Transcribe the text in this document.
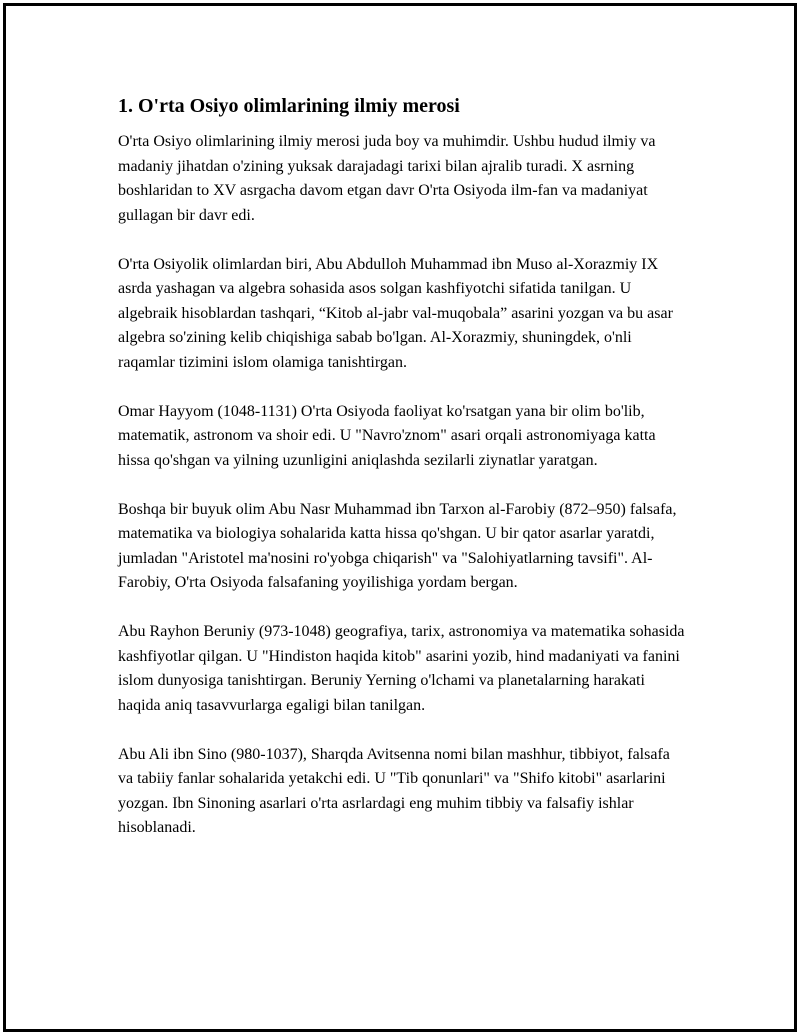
1. O'rta Osiyo olimlarining ilmiy merosi

O'rta Osiyo olimlarining ilmiy merosi juda boy va muhimdir. Ushbu hudud ilmiy va madaniy jihatdan o'zining yuksak darajadagi tarixi bilan ajralib turadi. X asrning boshlaridan to XV asrgacha davom etgan davr O'rta Osiyoda ilm-fan va madaniyat gullagan bir davr edi.

O'rta Osiyolik olimlardan biri, Abu Abdulloh Muhammad ibn Muso al-Xorazmiy IX asrda yashagan va algebra sohasida asos solgan kashfiyotchi sifatida tanilgan. U algebraik hisoblardan tashqari, “Kitob al-jabr val-muqobala” asarini yozgan va bu asar algebra so'zining kelib chiqishiga sabab bo'lgan. Al-Xorazmiy, shuningdek, o'nli raqamlar tizimini islom olamiga tanishtirgan.

Omar Hayyom (1048-1131) O'rta Osiyoda faoliyat ko'rsatgan yana bir olim bo'lib, matematik, astronom va shoir edi. U "Navro'znom" asari orqali astronomiyaga katta hissa qo'shgan va yilning uzunligini aniqlashda sezilarli ziynatlar yaratgan.

Boshqa bir buyuk olim Abu Nasr Muhammad ibn Tarxon al-Farobiy (872–950) falsafa, matematika va biologiya sohalarida katta hissa qo'shgan. U bir qator asarlar yaratdi, jumladan "Aristotel ma'nosini ro'yobga chiqarish" va "Salohiyatlarning tavsifi". Al-Farobiy, O'rta Osiyoda falsafaning yoyilishiga yordam bergan.

Abu Rayhon Beruniy (973-1048) geografiya, tarix, astronomiya va matematika sohasida kashfiyotlar qilgan. U "Hindiston haqida kitob" asarini yozib, hind madaniyati va fanini islom dunyosiga tanishtirgan. Beruniy Yerning o'lchami va planetalarning harakati haqida aniq tasavvurlarga egaligi bilan tanilgan.

Abu Ali ibn Sino (980-1037), Sharqda Avitsenna nomi bilan mashhur, tibbiyot, falsafa va tabiiy fanlar sohalarida yetakchi edi. U "Tib qonunlari" va "Shifo kitobi" asarlarini yozgan. Ibn Sinoning asarlari o'rta asrlardagi eng muhim tibbiy va falsafiy ishlar hisoblanadi.
